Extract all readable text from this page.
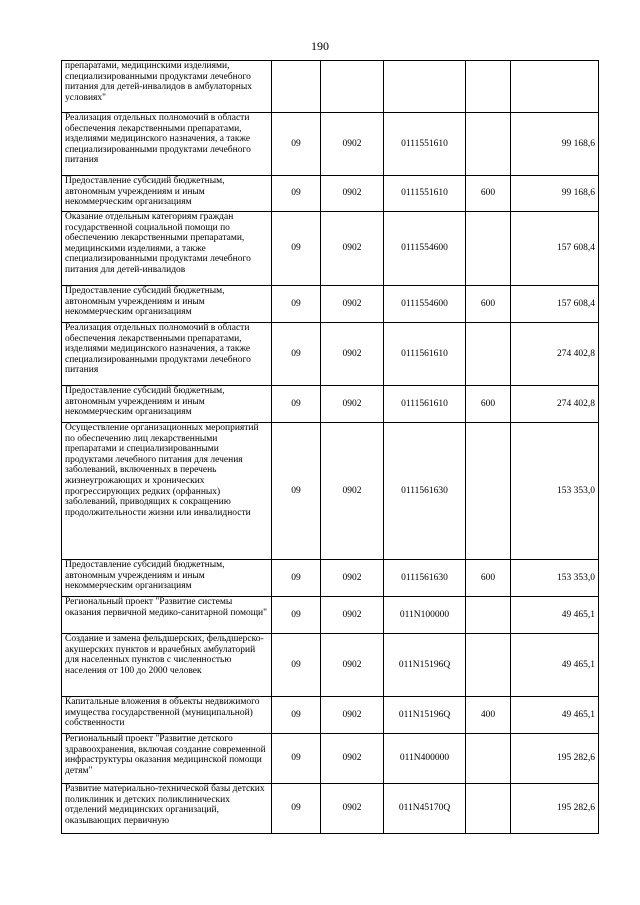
190
препаратами, медицинскими изделиями, специализированными продуктами лечебного питания для детей-инвалидов в амбулаторных условиях"					
Реализация отдельных полномочий в области обеспечения лекарственными препаратами, изделиями медицинского назначения, а также специализированными продуктами лечебного питания	09	0902	0111551610		99 168,6
Предоставление субсидий бюджетным, автономным учреждениям и иным некоммерческим организациям	09	0902	0111551610	600	99 168,6
Оказание отдельным категориям граждан государственной социальной помощи по обеспечению лекарственными препаратами, медицинскими изделиями, а также специализированными продуктами лечебного питания для детей-инвалидов	09	0902	0111554600		157 608,4
Предоставление субсидий бюджетным, автономным учреждениям и иным некоммерческим организациям	09	0902	0111554600	600	157 608,4
Реализация отдельных полномочий в области обеспечения лекарственными препаратами, изделиями медицинского назначения, а также специализированными продуктами лечебного питания	09	0902	0111561610		274 402,8
Предоставление субсидий бюджетным, автономным учреждениям и иным некоммерческим организациям	09	0902	0111561610	600	274 402,8
Осуществление организационных мероприятий по обеспечению лиц лекарственными препаратами и специализированными продуктами лечебного питания для лечения заболеваний, включенных в перечень жизнеугрожающих и хронических прогрессирующих редких (орфанных) заболеваний, приводящих к сокращению продолжительности жизни или инвалидности	09	0902	0111561630		153 353,0
Предоставление субсидий бюджетным, автономным учреждениям и иным некоммерческим организациям	09	0902	0111561630	600	153 353,0
Региональный проект "Развитие системы оказания первичной медико-санитарной помощи"	09	0902	011N100000		49 465,1
Создание и замена фельдшерских, фельдшерско-акушерских пунктов и врачебных амбулаторий для населенных пунктов с численностью населения от 100 до 2000 человек	09	0902	011N15196Q		49 465,1
Капитальные вложения в объекты недвижимого имущества государственной (муниципальной) собственности	09	0902	011N15196Q	400	49 465,1
Региональный проект "Развитие детского здравоохранения, включая создание современной инфраструктуры оказания медицинской помощи детям"	09	0902	011N400000		195 282,6
Развитие материально-технической базы детских поликлиник и детских поликлинических отделений медицинских организаций, оказывающих первичную	09	0902	011N45170Q		195 282,6
